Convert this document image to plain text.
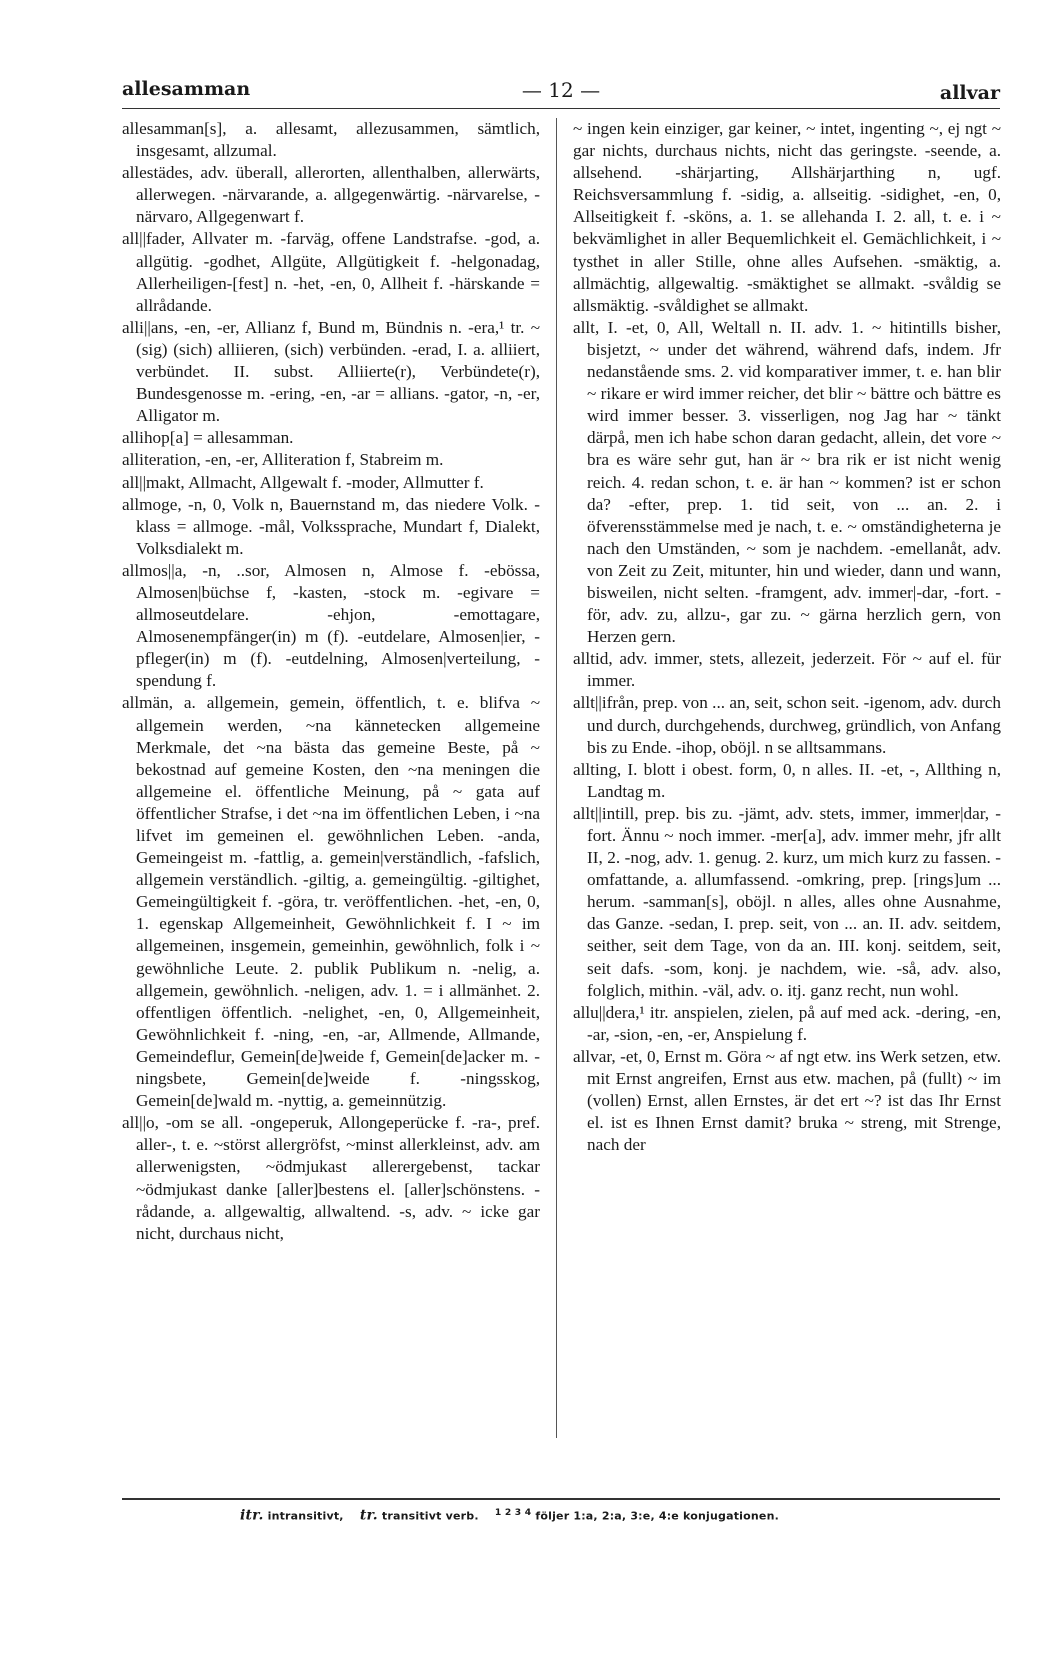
allesamman	— 12 —	allvar

allesamman[s], a. allesamt, allezusammen, sämtlich, insgesamt, allzumal.

allestädes, adv. überall, allerorten, allenthalben, allerwärts, allerwegen. -närvarande, a. allgegenwärtig. -närvarelse, -närvaro, Allgegenwart f.

all||fader, Allvater m. -farväg, offene Landstrafse. -god, a. allgütig. -godhet, Allgüte, Allgütigkeit f. -helgonadag, Allerheiligen-[fest] n. -het, -en, 0, Allheit f. -härskande = allrådande.

alli||ans, -en, -er, Allianz f, Bund m, Bündnis n. -era,¹ tr. ~ (sig) (sich) alliieren, (sich) verbünden. -erad, I. a. alliiert, verbündet. II. subst. Alliierte(r), Verbündete(r), Bundesgenosse m. -ering, -en, -ar = allians. -gator, -n, -er, Alligator m.

allihop[a] = allesamman.

alliteration, -en, -er, Alliteration f, Stabreim m.

all||makt, Allmacht, Allgewalt f. -moder, Allmutter f.

allmoge, -n, 0, Volk n, Bauernstand m, das niedere Volk. -klass = allmoge. -mål, Volkssprache, Mundart f, Dialekt, Volksdialekt m.

allmos||a, -n, ..sor, Almosen n, Almose f. -ebössa, Almosen|büchse f, -kasten, -stock m. -egivare = allmoseutdelare. -ehjon, -emottagare, Almosenempfänger(in) m (f). -eutdelare, Almosen|ier, -pfleger(in) m (f). -eutdelning, Almosen|verteilung, -spendung f.

allmän, a. allgemein, gemein, öffentlich, t. e. blifva ~ allgemein werden, ~na kännetecken allgemeine Merkmale, det ~na bästa das gemeine Beste, på ~ bekostnad auf gemeine Kosten, den ~na meningen die allgemeine el. öffentliche Meinung, på ~ gata auf öffentlicher Strafse, i det ~na im öffentlichen Leben, i ~na lifvet im gemeinen el. gewöhnlichen Leben. -anda, Gemeingeist m. -fattlig, a. gemein|verständlich, -fafslich, allgemein verständlich. -giltig, a. gemeingültig. -giltighet, Gemeingültigkeit f. -göra, tr. veröffentlichen. -het, -en, 0, 1. egenskap Allgemeinheit, Gewöhnlichkeit f. I ~ im allgemeinen, insgemein, gemeinhin, gewöhnlich, folk i ~ gewöhnliche Leute. 2. publik Publikum n. -nelig, a. allgemein, gewöhnlich. -neligen, adv. 1. = i allmänhet. 2. offentligen öffentlich. -nelighet, -en, 0, Allgemeinheit, Gewöhnlichkeit f. -ning, -en, -ar, Allmende, Allmande, Gemeindeflur, Gemein[de]weide f, Gemein[de]acker m. -ningsbete, Gemein[de]weide f. -ningsskog, Gemein[de]wald m. -nyttig, a. gemeinnützig.

all||o, -om se all. -ongeperuk, Allongeperücke f. -ra-, pref. aller-, t. e. ~störst allergröfst, ~minst allerkleinst, adv. am allerwenigsten, ~ödmjukast allerergebenst, tackar ~ödmjukast danke [aller]bestens el. [aller]schönstens. -rådande, a. allgewaltig, allwaltend. -s, adv. ~ icke gar nicht, durchaus nicht,

~ ingen kein einziger, gar keiner, ~ intet, ingenting ~, ej ngt ~ gar nichts, durchaus nichts, nicht das geringste. -seende, a. allsehend. -shärjarting, Allshärjarthing n, ugf. Reichsversammlung f. -sidig, a. allseitig. -sidighet, -en, 0, Allseitigkeit f. -sköns, a. 1. se allehanda I. 2. all, t. e. i ~ bekvämlighet in aller Bequemlichkeit el. Gemächlichkeit, i ~ tysthet in aller Stille, ohne alles Aufsehen. -smäktig, a. allmächtig, allgewaltig. -smäktighet se allmakt. -svåldig se allsmäktig. -svåldighet se allmakt.

allt, I. -et, 0, All, Weltall n. II. adv. 1. ~ hitintills bisher, bisjetzt, ~ under det während, während dafs, indem. Jfr nedanstående sms. 2. vid komparativer immer, t. e. han blir ~ rikare er wird immer reicher, det blir ~ bättre och bättre es wird immer besser. 3. visserligen, nog Jag har ~ tänkt därpå, men ich habe schon daran gedacht, allein, det vore ~ bra es wäre sehr gut, han är ~ bra rik er ist nicht wenig reich. 4. redan schon, t. e. är han ~ kommen? ist er schon da? -efter, prep. 1. tid seit, von ... an. 2. i öfverensstämmelse med je nach, t. e. ~ omständigheterna je nach den Umständen, ~ som je nachdem. -emellanåt, adv. von Zeit zu Zeit, mitunter, hin und wieder, dann und wann, bisweilen, nicht selten. -framgent, adv. immer|-dar, -fort. -för, adv. zu, allzu-, gar zu. ~ gärna herzlich gern, von Herzen gern.

alltid, adv. immer, stets, allezeit, jederzeit. För ~ auf el. für immer.

allt||ifrån, prep. von ... an, seit, schon seit. -igenom, adv. durch und durch, durchgehends, durchweg, gründlich, von Anfang bis zu Ende. -ihop, oböjl. n se alltsammans.

allting, I. blott i obest. form, 0, n alles. II. -et, -, Allthing n, Landtag m.

allt||intill, prep. bis zu. -jämt, adv. stets, immer, immer|dar, -fort. Ännu ~ noch immer. -mer[a], adv. immer mehr, jfr allt II, 2. -nog, adv. 1. genug. 2. kurz, um mich kurz zu fassen. -omfattande, a. allumfassend. -omkring, prep. [rings]um ... herum. -samman[s], oböjl. n alles, alles ohne Ausnahme, das Ganze. -sedan, I. prep. seit, von ... an. II. adv. seitdem, seither, seit dem Tage, von da an. III. konj. seitdem, seit, seit dafs. -som, konj. je nachdem, wie. -så, adv. also, folglich, mithin. -väl, adv. o. itj. ganz recht, nun wohl.

allu||dera,¹ itr. anspielen, zielen, på auf med ack. -dering, -en, -ar, -sion, -en, -er, Anspielung f.

allvar, -et, 0, Ernst m. Göra ~ af ngt etw. ins Werk setzen, etw. mit Ernst angreifen, Ernst aus etw. machen, på (fullt) ~ im (vollen) Ernst, allen Ernstes, är det ert ~? ist das Ihr Ernst el. ist es Ihnen Ernst damit? bruka ~ streng, mit Strenge, nach der

itr. intransitivt, tr. transitivt verb. $^{1 2 3 4}$ följer 1:a, 2:a, 3:e, 4:e konjugationen.
